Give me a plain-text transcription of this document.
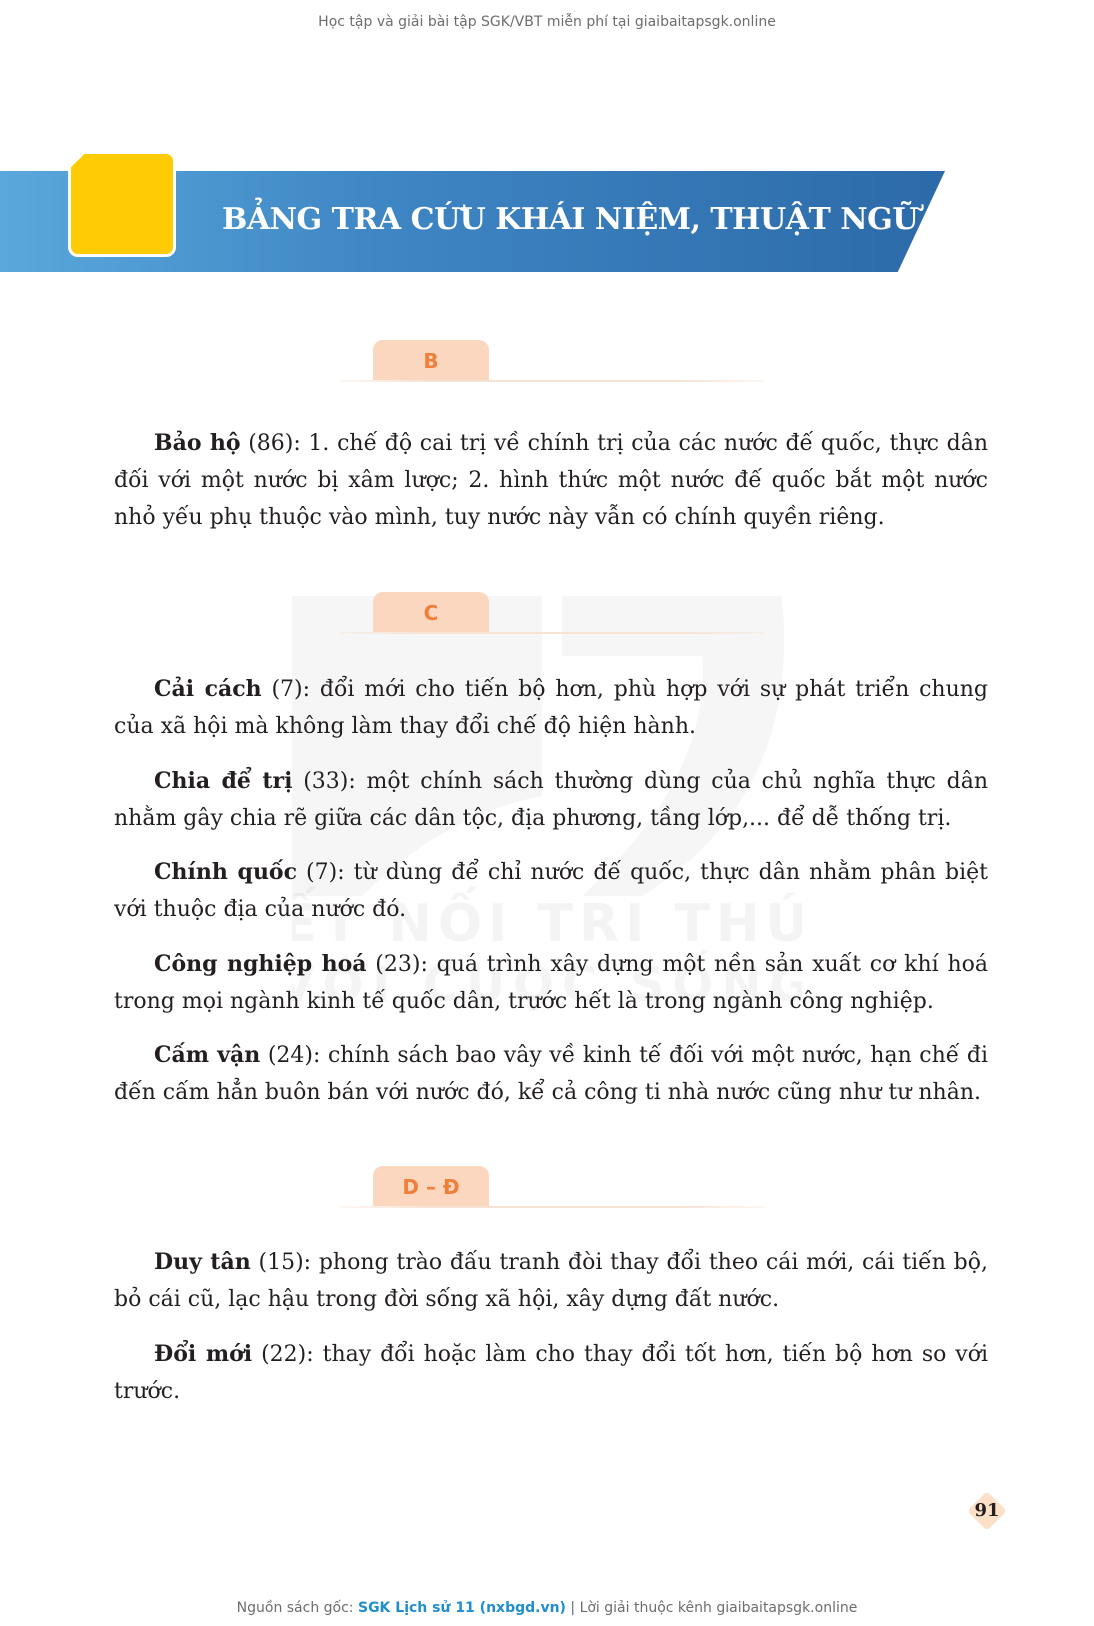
Học tập và giải bài tập SGK/VBT miễn phí tại giaibaitapsgk.online
BẢNG TRA CỨU KHÁI NIỆM, THUẬT NGỮ
B

Bảo hộ (86): 1. chế độ cai trị về chính trị của các nước đế quốc, thực dân đối với một nước bị xâm lược; 2. hình thức một nước đế quốc bắt một nước nhỏ yếu phụ thuộc vào mình, tuy nước này vẫn có chính quyền riêng.

C

Cải cách (7): đổi mới cho tiến bộ hơn, phù hợp với sự phát triển chung của xã hội mà không làm thay đổi chế độ hiện hành.

Chia để trị (33): một chính sách thường dùng của chủ nghĩa thực dân nhằm gây chia rẽ giữa các dân tộc, địa phương, tầng lớp,... để dễ thống trị.

Chính quốc (7): từ dùng để chỉ nước đế quốc, thực dân nhằm phân biệt với thuộc địa của nước đó.

Công nghiệp hoá (23): quá trình xây dựng một nền sản xuất cơ khí hoá trong mọi ngành kinh tế quốc dân, trước hết là trong ngành công nghiệp.

Cấm vận (24): chính sách bao vây về kinh tế đối với một nước, hạn chế đi đến cấm hẳn buôn bán với nước đó, kể cả công ti nhà nước cũng như tư nhân.

D – Đ

Duy tân (15): phong trào đấu tranh đòi thay đổi theo cái mới, cái tiến bộ, bỏ cái cũ, lạc hậu trong đời sống xã hội, xây dựng đất nước.

Đổi mới (22): thay đổi hoặc làm cho thay đổi tốt hơn, tiến bộ hơn so với trước.

91
Nguồn sách gốc: SGK Lịch sử 11 (nxbgd.vn) | Lời giải thuộc kênh giaibaitapsgk.online
